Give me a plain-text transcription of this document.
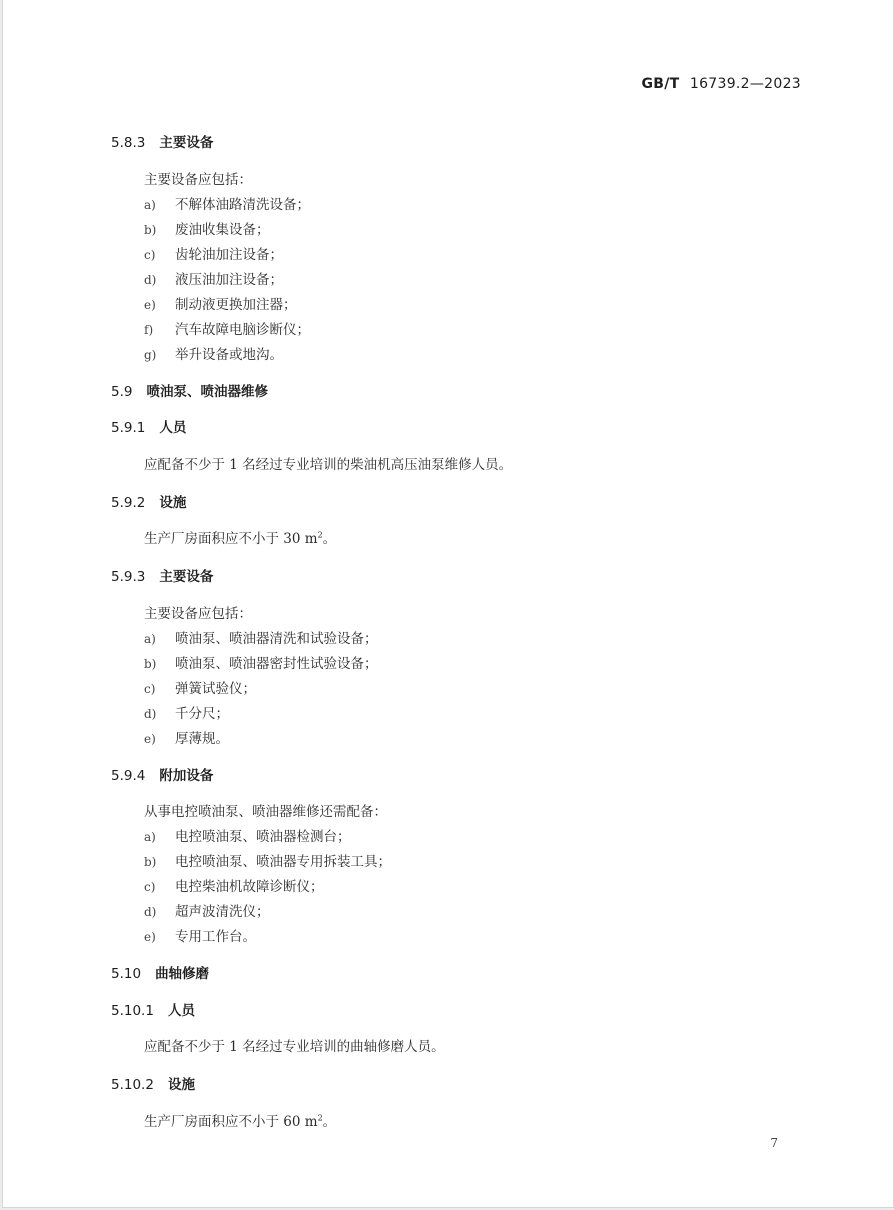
GB/T 16739.2—2023
5.8.3 主要设备
主要设备应包括：
a) 不解体油路清洗设备；
b) 废油收集设备；
c) 齿轮油加注设备；
d) 液压油加注设备；
e) 制动液更换加注器；
f) 汽车故障电脑诊断仪；
g) 举升设备或地沟。
5.9 喷油泵、喷油器维修
5.9.1 人员
应配备不少于 1 名经过专业培训的柴油机高压油泵维修人员。
5.9.2 设施
生产厂房面积应不小于 30 $m^2$。
5.9.3 主要设备
主要设备应包括：
a) 喷油泵、喷油器清洗和试验设备；
b) 喷油泵、喷油器密封性试验设备；
c) 弹簧试验仪；
d) 千分尺；
e) 厚薄规。
5.9.4 附加设备
从事电控喷油泵、喷油器维修还需配备：
a) 电控喷油泵、喷油器检测台；
b) 电控喷油泵、喷油器专用拆装工具；
c) 电控柴油机故障诊断仪；
d) 超声波清洗仪；
e) 专用工作台。
5.10 曲轴修磨
5.10.1 人员
应配备不少于 1 名经过专业培训的曲轴修磨人员。
5.10.2 设施
生产厂房面积应不小于 60 $m^2$。
7
